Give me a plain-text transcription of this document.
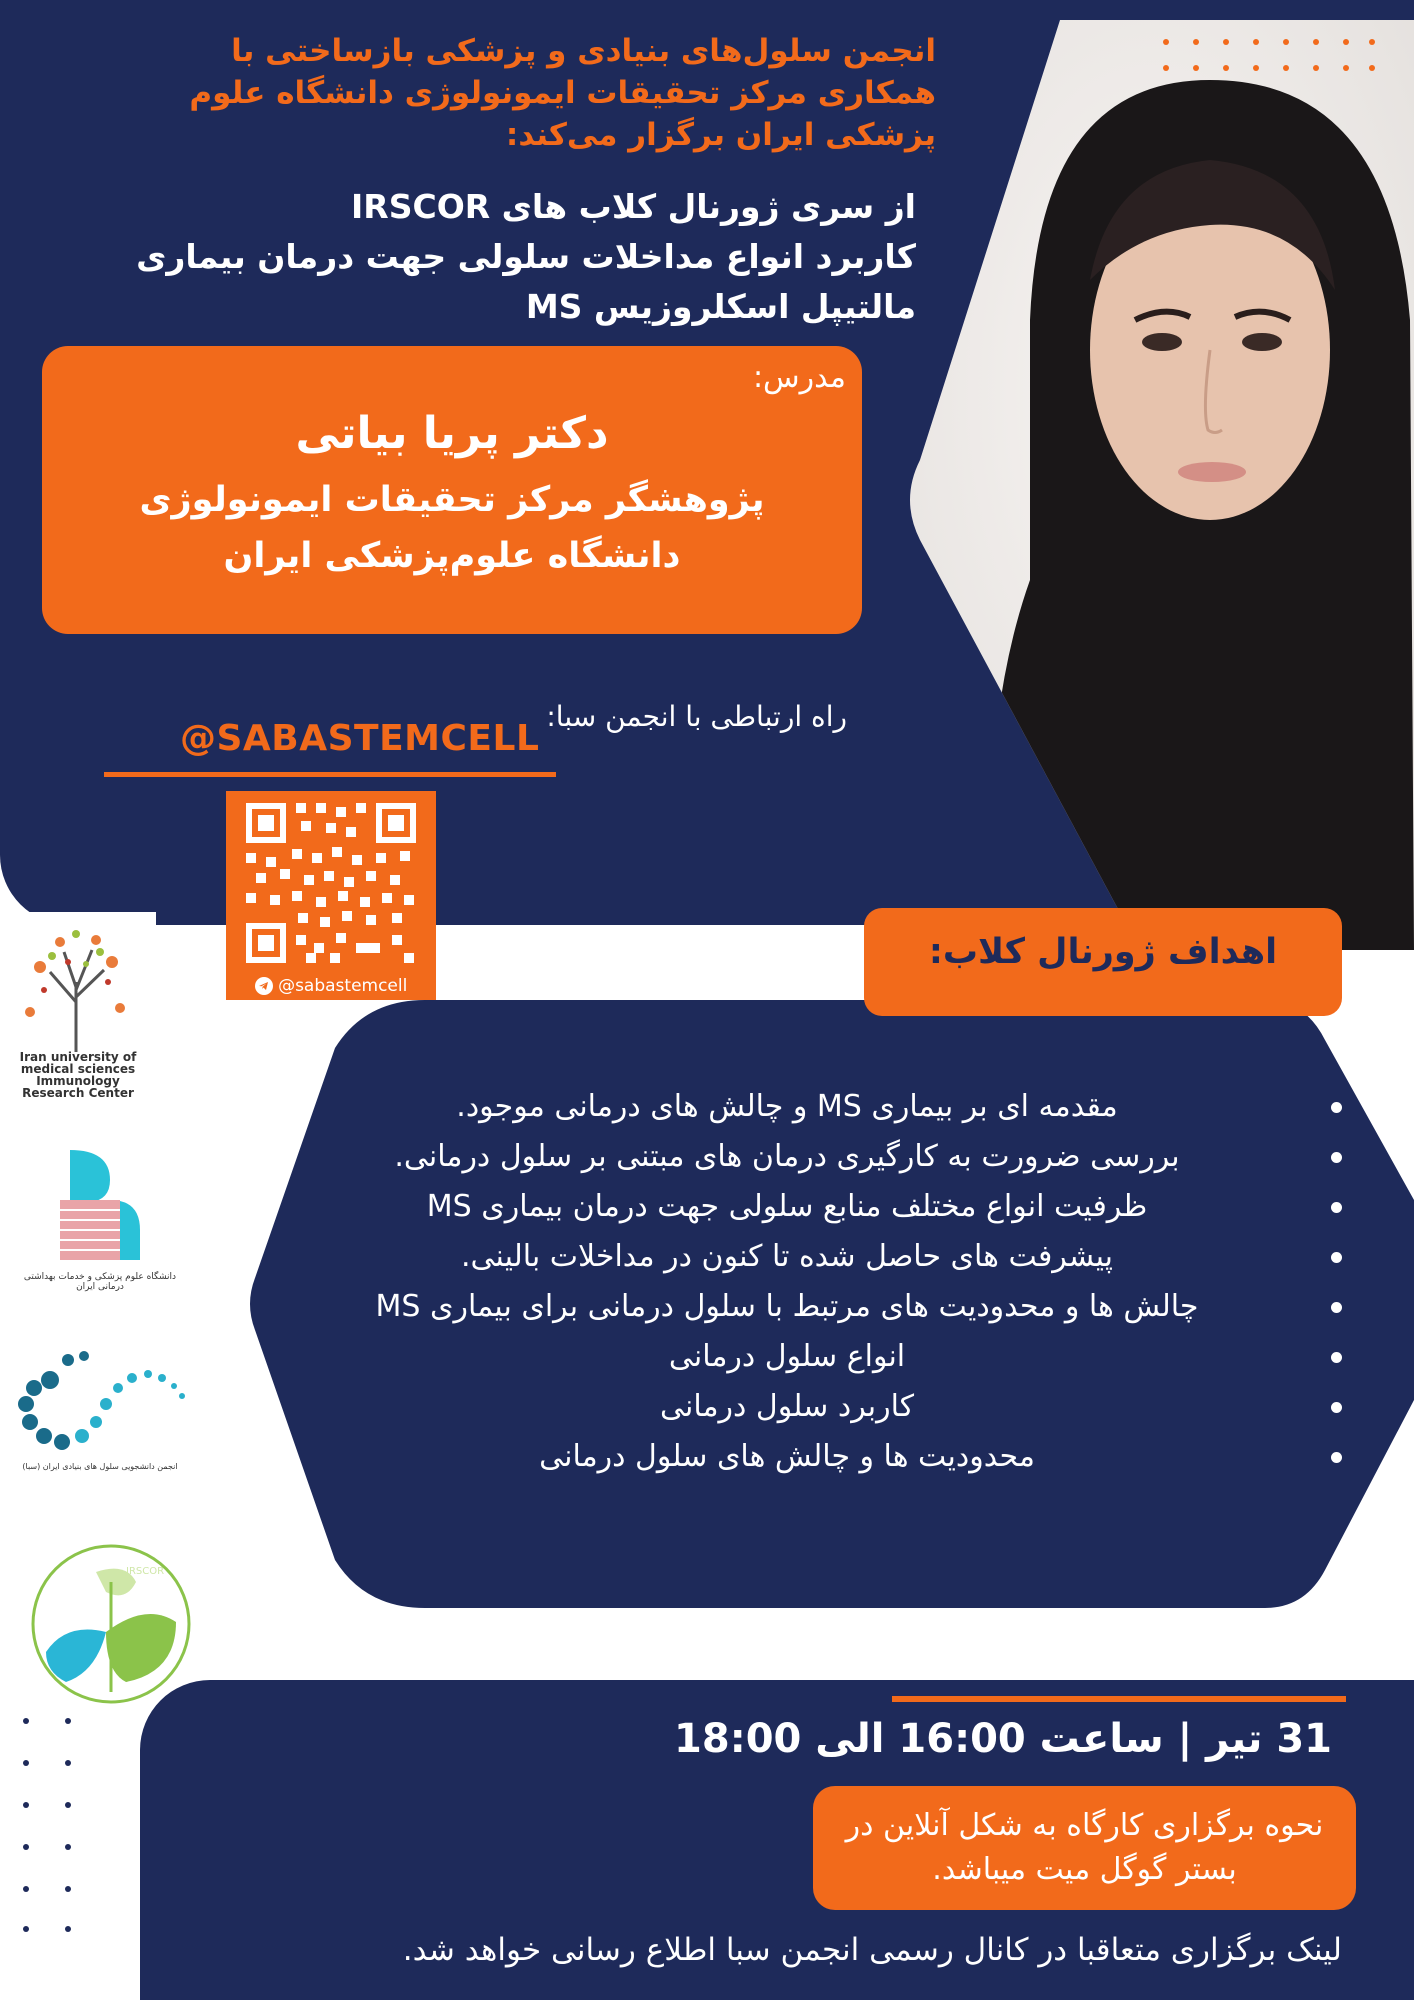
انجمن سلول‌های بنیادی و پزشکی بازساختی با همکاری مرکز تحقیقات ایمونولوژی دانشگاه علوم پزشکی ایران برگزار می‌کند:
از سری ژورنال کلاب های IRSCOR
کاربرد انواع مداخلات سلولی جهت درمان بیماری مالتیپل اسکلروزیس MS
مدرس:
دکتر پریا بیاتی
پژوهشگر مرکز تحقیقات ایمونولوژی دانشگاه علوم‌پزشکی ایران
راه ارتباطی با انجمن سبا:
@SABASTEMCELL
@sabastemcell
Iran university of medical sciences Immunology Research Center
دانشگاه علوم پزشکی و خدمات بهداشتی درمانی ایران
انجمن دانشجویی سلول های بنیادی ایران (سبا)
IRSCOR
اهداف ژورنال کلاب:
مقدمه ای بر بیماری MS و چالش های درمانی موجود.
بررسی ضرورت به کارگیری درمان های مبتنی بر سلول درمانی.
ظرفیت انواع مختلف منابع سلولی جهت درمان بیماری MS
پیشرفت های حاصل شده تا کنون در مداخلات بالینی.
چالش ها و محدودیت های مرتبط با سلول درمانی برای بیماری MS
انواع سلول درمانی
کاربرد سلول درمانی
محدودیت ها و چالش های سلول درمانی
31 تیر | ساعت 16:00 الی 18:00
نحوه برگزاری کارگاه به شکل آنلاین در بستر گوگل میت میباشد.
لینک برگزاری متعاقبا در کانال رسمی انجمن سبا اطلاع رسانی خواهد شد.
